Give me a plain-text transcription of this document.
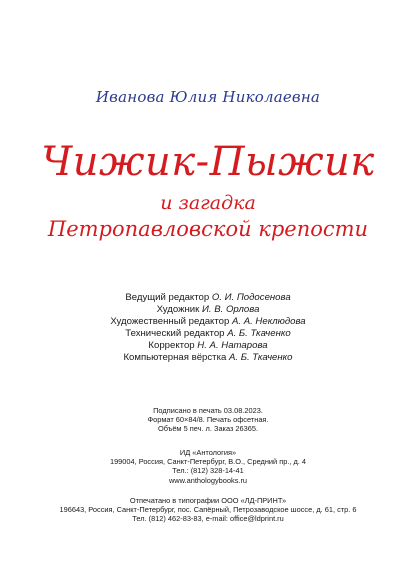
Иванова Юлия Николаевна
Чижик-Пыжик
и загадка
Петропавловской крепости
Ведущий редактор О. И. Подосенова
Художник И. В. Орлова
Художественный редактор А. А. Неклюдова
Технический редактор А. Б. Ткаченко
Корректор Н. А. Натарова
Компьютерная вёрстка А. Б. Ткаченко
Подписано в печать 03.08.2023.
Формат 60×84/8. Печать офсетная.
Объём 5 печ. л. Заказ 26365.
ИД «Антология»
199004, Россия, Санкт-Петербург, В.О., Средний пр., д. 4
Тел.: (812) 328-14-41
www.anthologybooks.ru
Отпечатано в типографии ООО «ЛД-ПРИНТ»
196643, Россия, Санкт-Петербург, пос. Сапёрный, Петрозаводское шоссе, д. 61, стр. 6
Тел. (812) 462-83-83, e-mail: office@ldprint.ru
